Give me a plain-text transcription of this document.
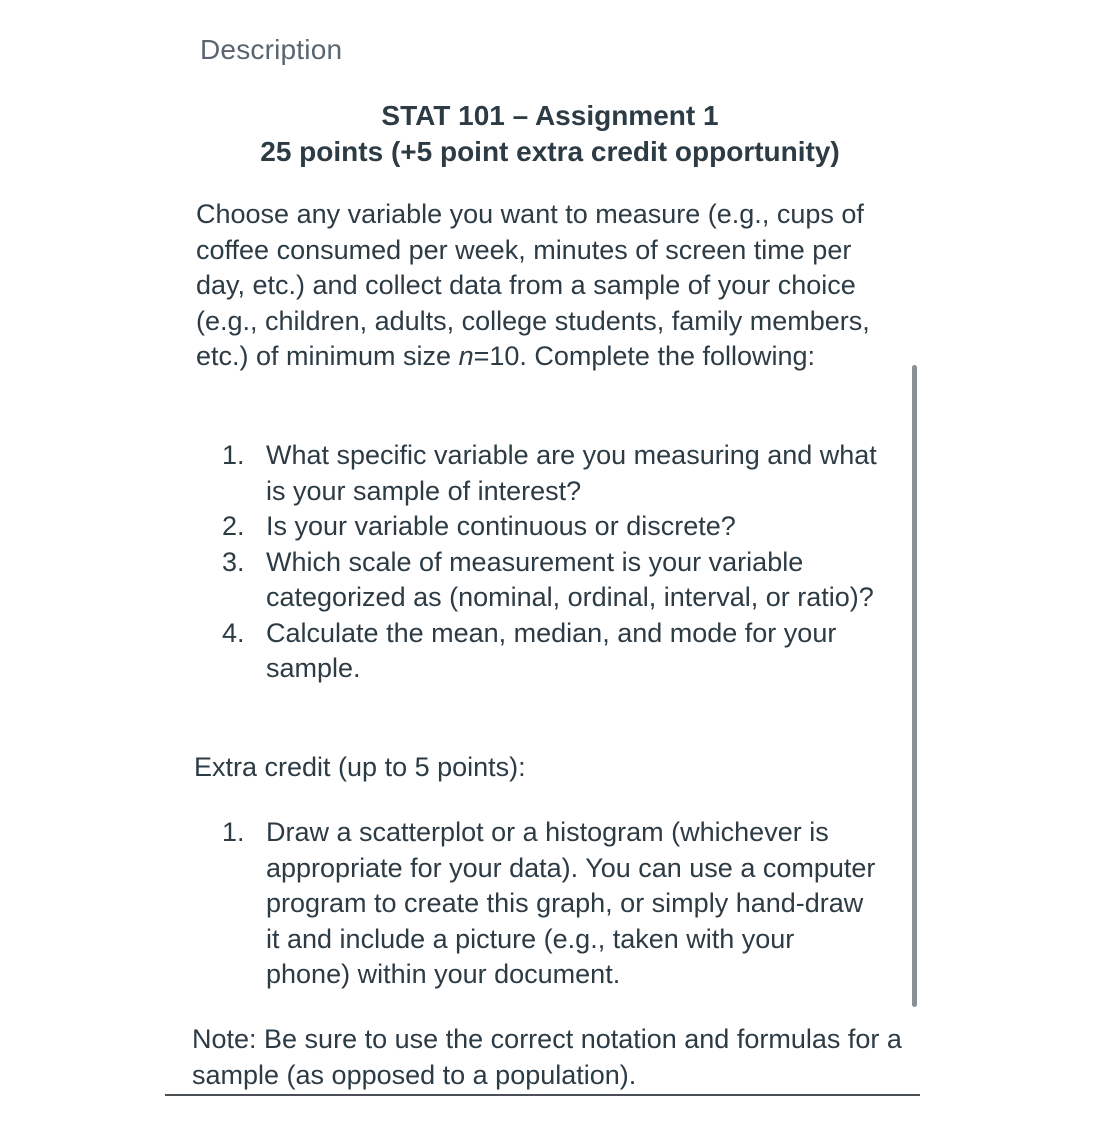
Description
STAT 101 – Assignment 1
25 points (+5 point extra credit opportunity)
Choose any variable you want to measure (e.g., cups of coffee consumed per week, minutes of screen time per day, etc.) and collect data from a sample of your choice (e.g., children, adults, college students, family members, etc.) of minimum size n=10. Complete the following:
1. What specific variable are you measuring and what is your sample of interest?
2. Is your variable continuous or discrete?
3. Which scale of measurement is your variable categorized as (nominal, ordinal, interval, or ratio)?
4. Calculate the mean, median, and mode for your sample.
Extra credit (up to 5 points):
1. Draw a scatterplot or a histogram (whichever is appropriate for your data). You can use a computer program to create this graph, or simply hand-draw it and include a picture (e.g., taken with your phone) within your document.
Note: Be sure to use the correct notation and formulas for a sample (as opposed to a population).
